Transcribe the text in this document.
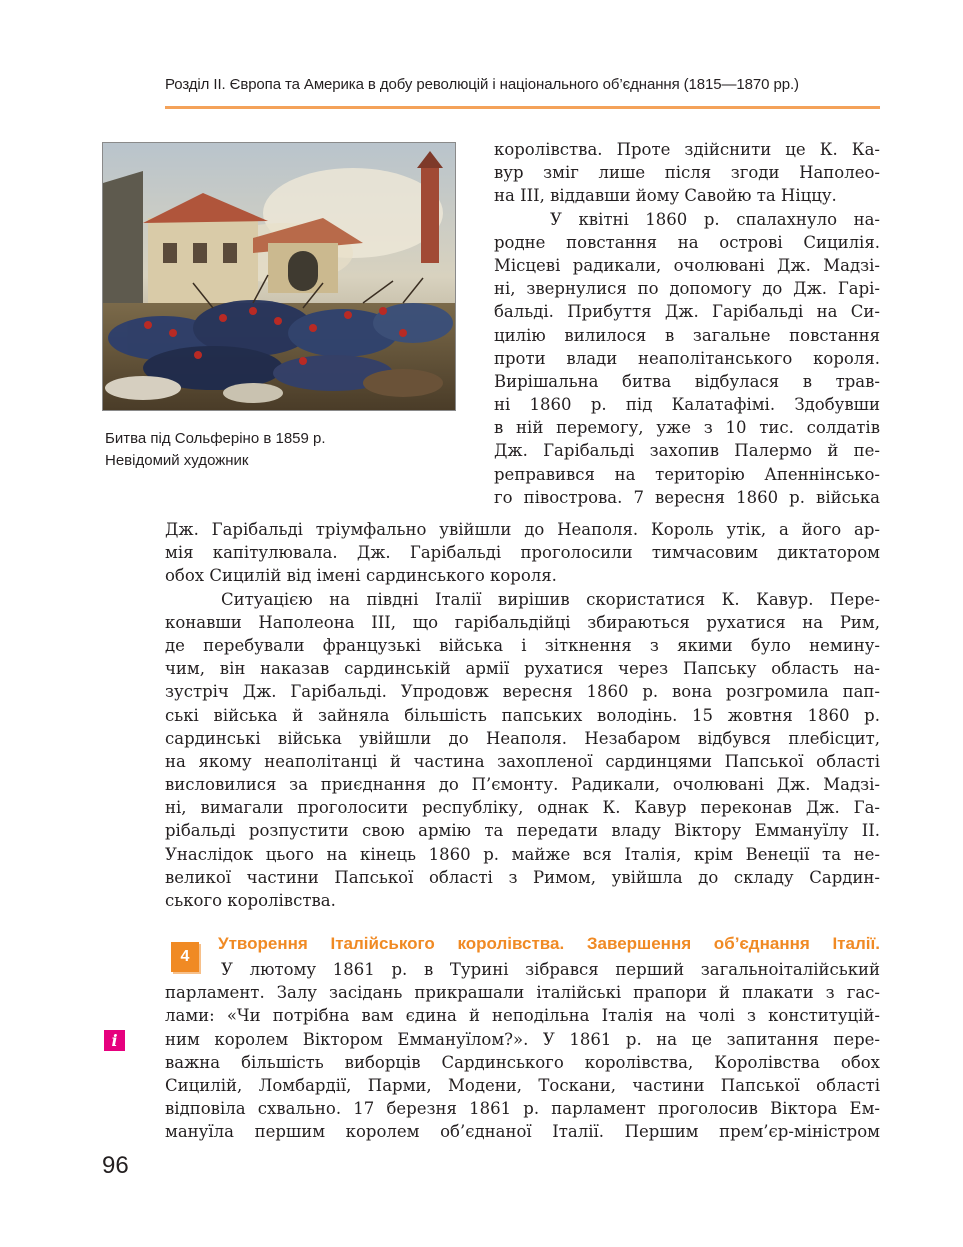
Розділ ІІ. Європа та Америка в добу революцій і національного об’єднання (1815—1870 рр.)
Битва під Сольферіно в 1859 р.
Невідомий художник
королівства. Проте здійснити це К. Ка-
вур зміг лише після згоди Наполео-
на ІІІ, віддавши йому Савойю та Ніццу.
У квітні 1860 р. спалахнуло на-
родне повстання на острові Сицилія.
Місцеві радикали, очолювані Дж. Мадзі-
ні, звернулися по допомогу до Дж. Гарі-
бальді. Прибуття Дж. Гарібальді на Си-
цилію вилилося в загальне повстання
проти влади неаполітанського короля.
Вирішальна битва відбулася в трав-
ні 1860 р. під Калатафімі. Здобувши
в ній перемогу, уже з 10 тис. солдатів
Дж. Гарібальді захопив Палермо й пе-
реправився на територію Апеннінсько-
го півострова. 7 вересня 1860 р. війська
Дж. Гарібальді тріумфально увійшли до Неаполя. Король утік, а його ар-
мія капітулювала. Дж. Гарібальді проголосили тимчасовим диктатором
обох Сицилій від імені сардинського короля.
Ситуацією на півдні Італії вирішив скористатися К. Кавур. Пере-
конавши Наполеона ІІІ, що гарібальдійці збираються рухатися на Рим,
де перебували французькі війська і зіткнення з якими було немину-
чим, він наказав сардинській армії рухатися через Папську область на-
зустріч Дж. Гарібальді. Упродовж вересня 1860 р. вона розгромила пап-
ські війська й зайняла більшість папських володінь. 15 жовтня 1860 р.
сардинські війська увійшли до Неаполя. Незабаром відбувся плебісцит,
на якому неаполітанці й частина захопленої сардинцями Папської області
висловилися за приєднання до П’ємонту. Радикали, очолювані Дж. Мадзі-
ні, вимагали проголосити республіку, однак К. Кавур переконав Дж. Га-
рібальді розпустити свою армію та передати владу Віктору Еммануїлу ІІ.
Унаслідок цього на кінець 1860 р. майже вся Італія, крім Венеції та не-
великої частини Папської області з Римом, увійшла до складу Сардин-
ського королівства.
4
Утворення Італійського королівства. Завершення об’єднання Італії.
i
У лютому 1861 р. в Турині зібрався перший загальноіталійський
парламент. Залу засідань прикрашали італійські прапори й плакати з гас-
лами: «Чи потрібна вам єдина й неподільна Італія на чолі з конституцій-
ним королем Віктором Еммануїлом?». У 1861 р. на це запитання пере-
важна більшість виборців Сардинського королівства, Королівства обох
Сицилій, Ломбардії, Парми, Модени, Тоскани, частини Папської області
відповіла схвально. 17 березня 1861 р. парламент проголосив Віктора Ем-
мануїла першим королем об’єднаної Італії. Першим прем’єр-міністром
96
